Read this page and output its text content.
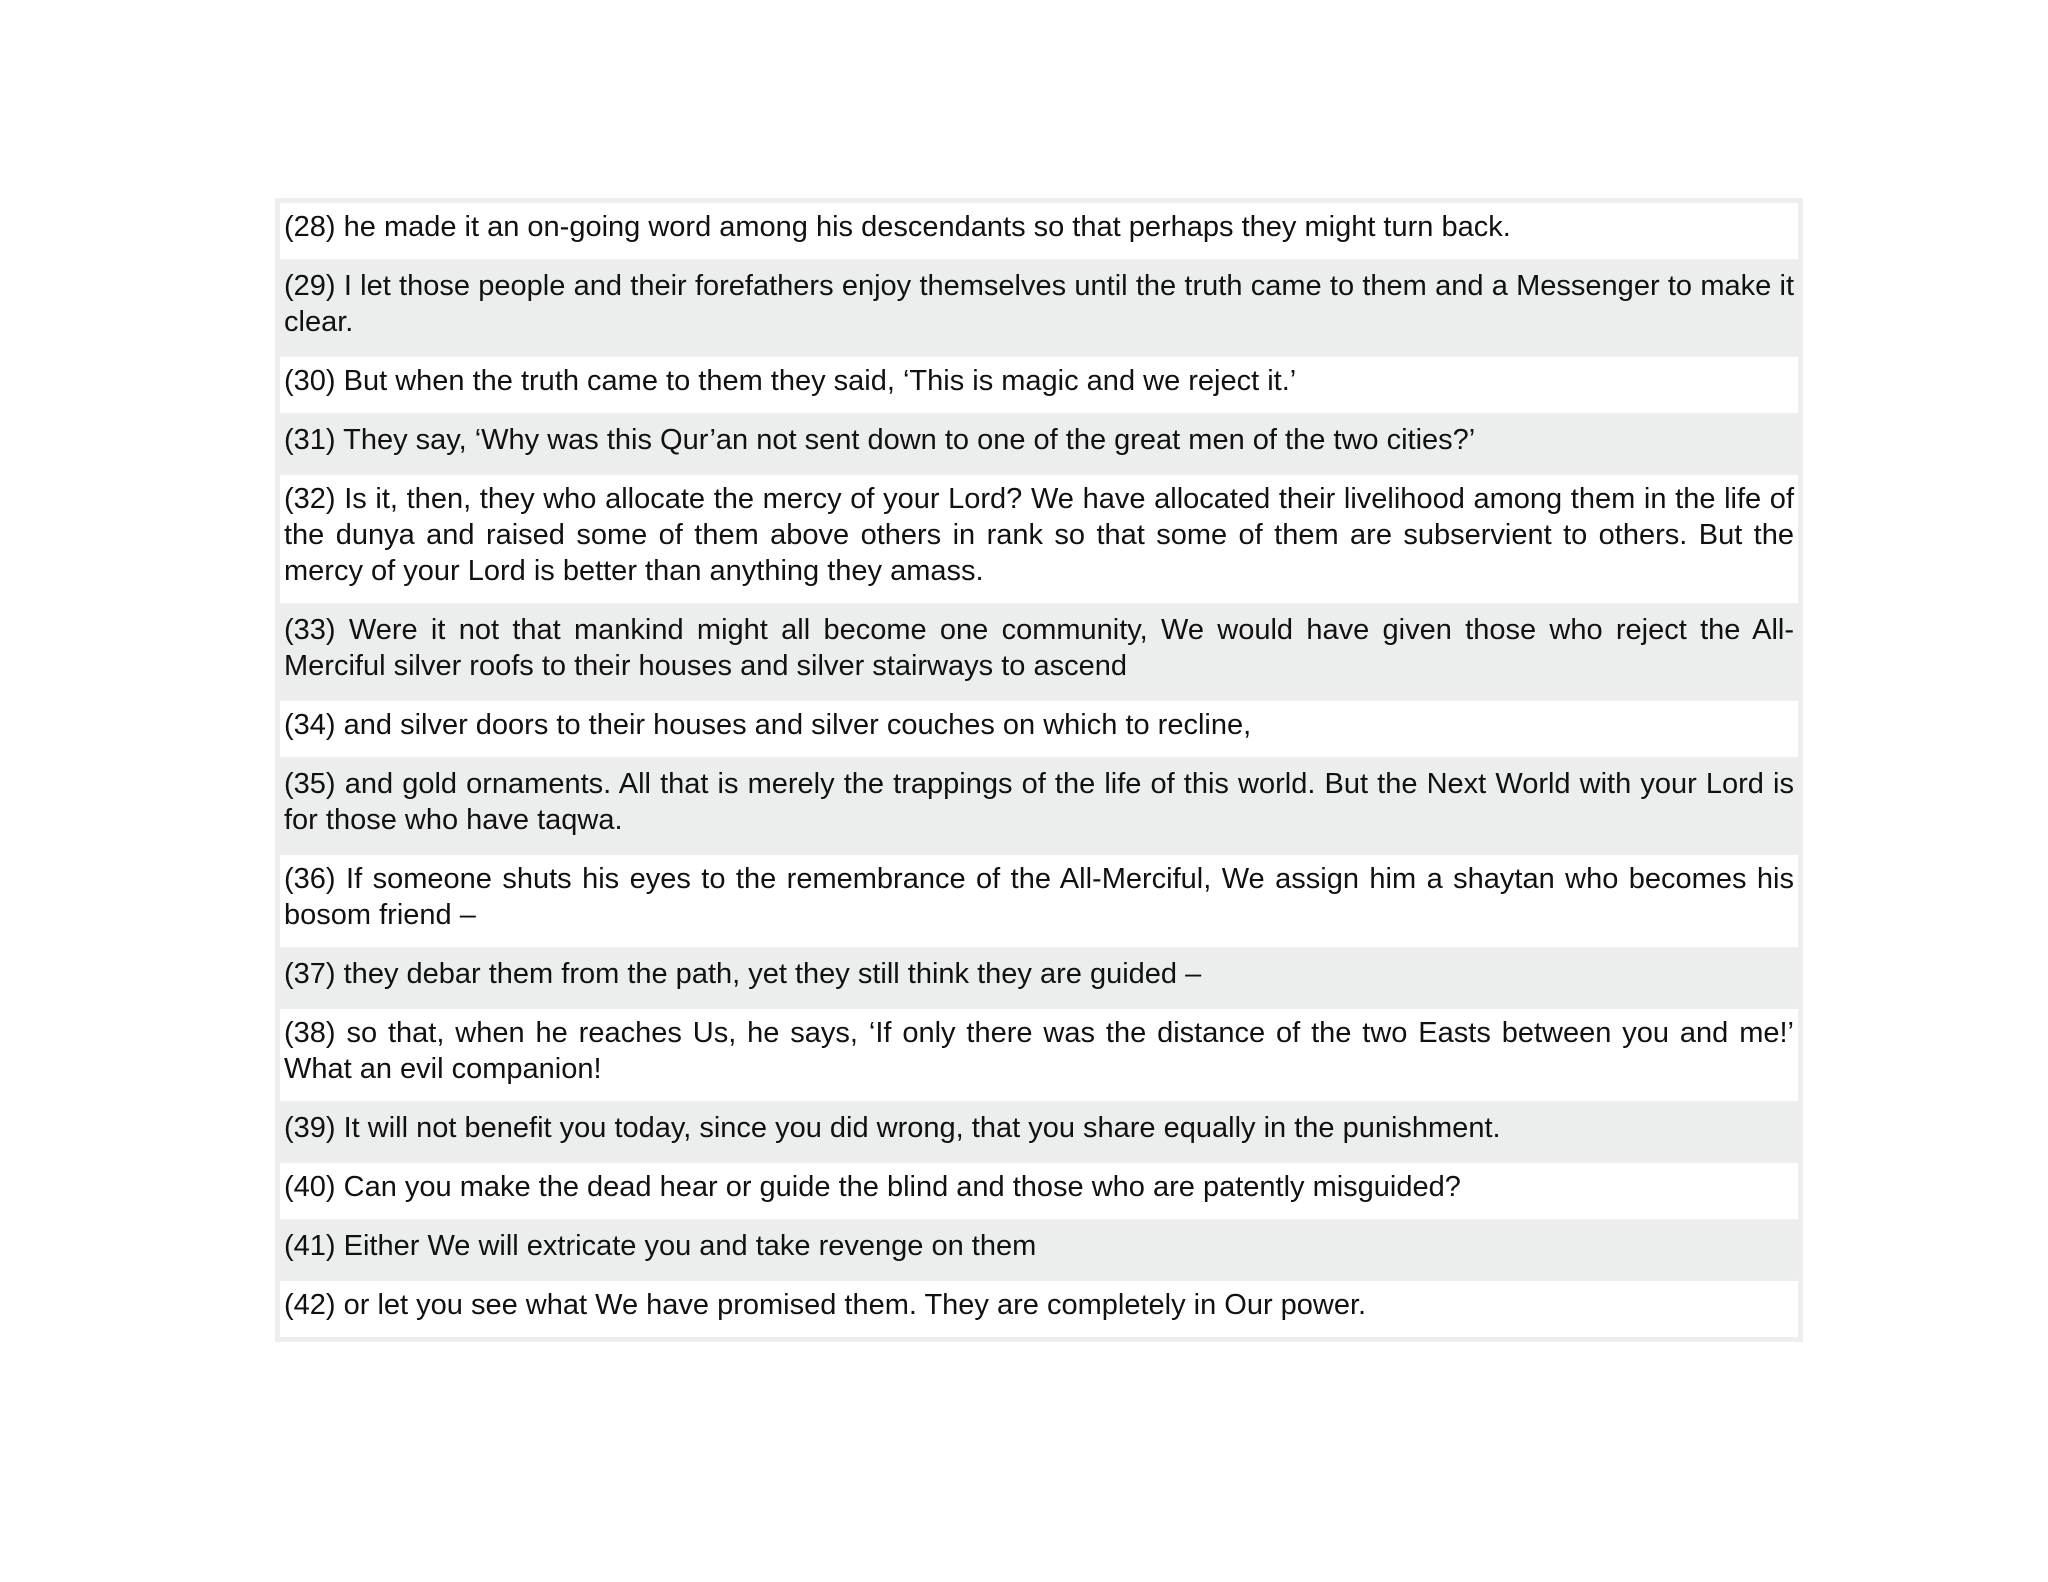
(28) he made it an on-going word among his descendants so that perhaps they might turn back.
(29) I let those people and their forefathers enjoy themselves until the truth came to them and a Messenger to make it clear.
(30) But when the truth came to them they said, ‘This is magic and we reject it.’
(31) They say, ‘Why was this Qur’an not sent down to one of the great men of the two cities?’
(32) Is it, then, they who allocate the mercy of your Lord? We have allocated their livelihood among them in the life of the dunya and raised some of them above others in rank so that some of them are subservient to others. But the mercy of your Lord is better than anything they amass.
(33) Were it not that mankind might all become one community, We would have given those who reject the All-Merciful silver roofs to their houses and silver stairways to ascend
(34) and silver doors to their houses and silver couches on which to recline,
(35) and gold ornaments. All that is merely the trappings of the life of this world. But the Next World with your Lord is for those who have taqwa.
(36) If someone shuts his eyes to the remembrance of the All-Merciful, We assign him a shaytan who becomes his bosom friend –
(37) they debar them from the path, yet they still think they are guided –
(38) so that, when he reaches Us, he says, ‘If only there was the distance of the two Easts between you and me!’ What an evil companion!
(39) It will not benefit you today, since you did wrong, that you share equally in the punishment.
(40) Can you make the dead hear or guide the blind and those who are patently misguided?
(41) Either We will extricate you and take revenge on them
(42) or let you see what We have promised them. They are completely in Our power.
